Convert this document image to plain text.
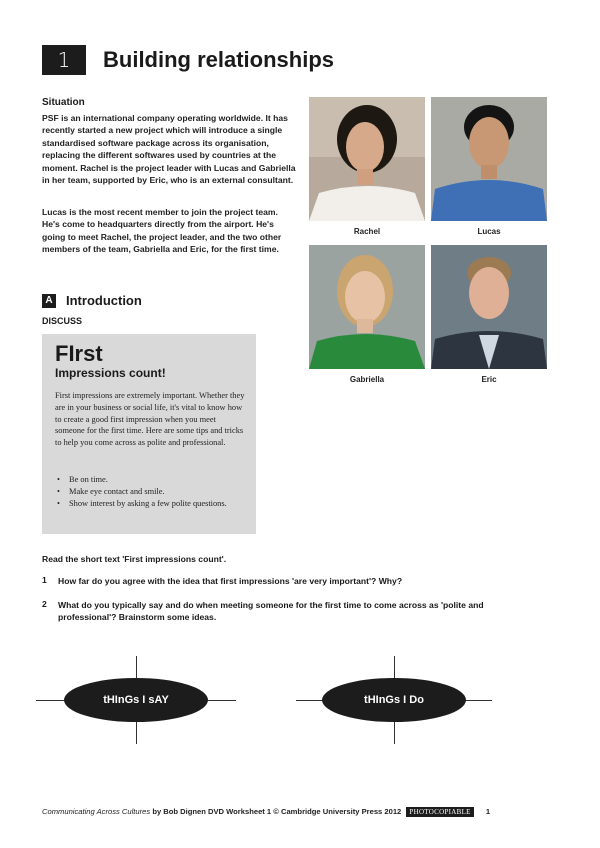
1	Building relationships
Situation

PSF is an international company operating worldwide. It has recently started a new project which will introduce a single standardised software package across its organisation, replacing the different softwares used by countries at the moment. Rachel is the project leader with Lucas and Gabriella in her team, supported by Eric, who is an external consultant.

Lucas is the most recent member to join the project team. He's come to headquarters directly from the airport. He's going to meet Rachel, the project leader, and the two other members of the team, Gabriella and Eric, for the first time.

Rachel	Lucas
Gabriella	Eric
A Introduction
DISCUSS
FIrst
Impressions count!

First impressions are extremely important. Whether they are in your business or social life, it's vital to know how to create a good first impression when you meet someone for the first time. Here are some tips and tricks to help you come across as polite and professional.

• Be on time.
• Make eye contact and smile.
• Show interest by asking a few polite questions.
Read the short text 'First impressions count'.
1 How far do you agree with the idea that first impressions 'are very important'? Why?
2 What do you typically say and do when meeting someone for the first time to come across as 'polite and professional'? Brainstorm some ideas.
tHInGs I sAY	tHInGs I Do
Communicating Across Cultures by Bob Dignen DVD Worksheet 1 © Cambridge University Press 2012 PHOTOCOPIABLE 1
